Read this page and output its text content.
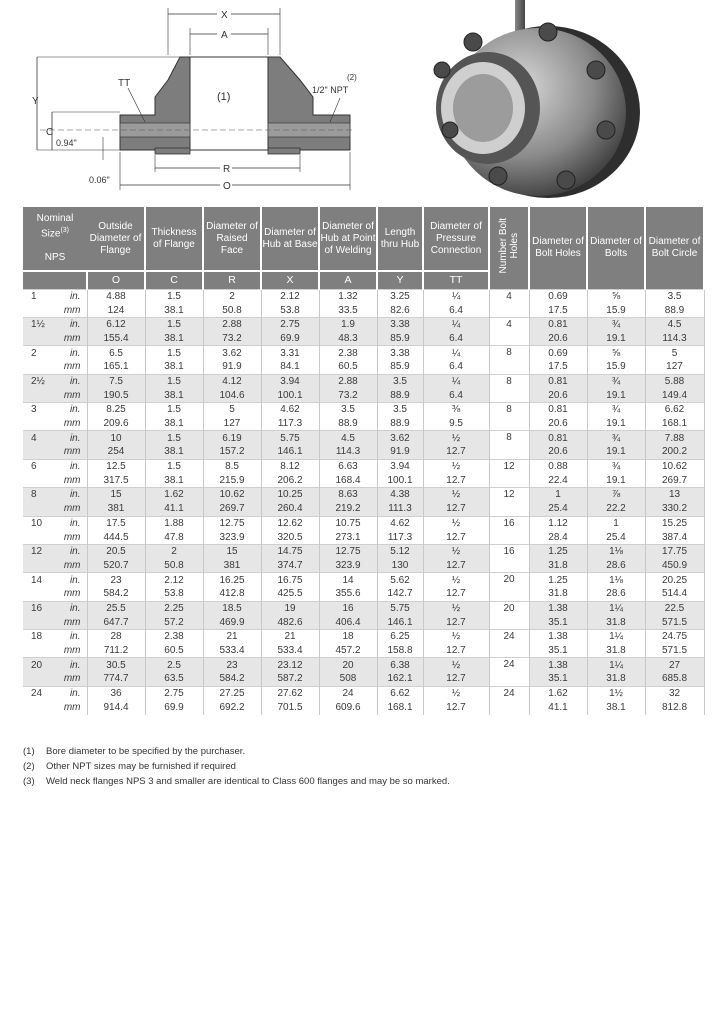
X
A
Y
C
TT
(1)
1/2" NPT
(2)
0.94"
0.06"
R
O
Nominal Size$^{(3)}$

NPS		Outside Diameter of Flange	Thickness of Flange	Diameter of Raised Face	Diameter of Hub at Base	Diameter of Hub at Point of Welding	Length thru Hub	Diameter of Pressure Connection	Number Bolt Holes	Diameter of Bolt Holes	Diameter of Bolts	Diameter of Bolt Circle
		O	C	R	X	A	Y	TT				
1	in.	4.88	1.5	2	2.12	1.32	3.25	¼	4	0.69	⅝	3.5
	mm	124	38.1	50.8	53.8	33.5	82.6	6.4		17.5	15.9	88.9
1½	in.	6.12	1.5	2.88	2.75	1.9	3.38	¼	4	0.81	¾	4.5
	mm	155.4	38.1	73.2	69.9	48.3	85.9	6.4		20.6	19.1	114.3
2	in.	6.5	1.5	3.62	3.31	2.38	3.38	¼	8	0.69	⅝	5
	mm	165.1	38.1	91.9	84.1	60.5	85.9	6.4		17.5	15.9	127
2½	in.	7.5	1.5	4.12	3.94	2.88	3.5	¼	8	0.81	¾	5.88
	mm	190.5	38.1	104.6	100.1	73.2	88.9	6.4		20.6	19.1	149.4
3	in.	8.25	1.5	5	4.62	3.5	3.5	⅜	8	0.81	¾	6.62
	mm	209.6	38.1	127	117.3	88.9	88.9	9.5		20.6	19.1	168.1
4	in.	10	1.5	6.19	5.75	4.5	3.62	½	8	0.81	¾	7.88
	mm	254	38.1	157.2	146.1	114.3	91.9	12.7		20.6	19.1	200.2
6	in.	12.5	1.5	8.5	8.12	6.63	3.94	½	12	0.88	¾	10.62
	mm	317.5	38.1	215.9	206.2	168.4	100.1	12.7		22.4	19.1	269.7
8	in.	15	1.62	10.62	10.25	8.63	4.38	½	12	1	⅞	13
	mm	381	41.1	269.7	260.4	219.2	111.3	12.7		25.4	22.2	330.2
10	in.	17.5	1.88	12.75	12.62	10.75	4.62	½	16	1.12	1	15.25
	mm	444.5	47.8	323.9	320.5	273.1	117.3	12.7		28.4	25.4	387.4
12	in.	20.5	2	15	14.75	12.75	5.12	½	16	1.25	1⅛	17.75
	mm	520.7	50.8	381	374.7	323.9	130	12.7		31.8	28.6	450.9
14	in.	23	2.12	16.25	16.75	14	5.62	½	20	1.25	1⅛	20.25
	mm	584.2	53.8	412.8	425.5	355.6	142.7	12.7		31.8	28.6	514.4
16	in.	25.5	2.25	18.5	19	16	5.75	½	20	1.38	1¼	22.5
	mm	647.7	57.2	469.9	482.6	406.4	146.1	12.7		35.1	31.8	571.5
18	in.	28	2.38	21	21	18	6.25	½	24	1.38	1¼	24.75
	mm	711.2	60.5	533.4	533.4	457.2	158.8	12.7		35.1	31.8	571.5
20	in.	30.5	2.5	23	23.12	20	6.38	½	24	1.38	1¼	27
	mm	774.7	63.5	584.2	587.2	508	162.1	12.7		35.1	31.8	685.8
24	in.	36	2.75	27.25	27.62	24	6.62	½	24	1.62	1½	32
	mm	914.4	69.9	692.2	701.5	609.6	168.1	12.7		41.1	38.1	812.8
(1) Bore diameter to be specified by the purchaser.
(2) Other NPT sizes may be furnished if required
(3) Weld neck flanges NPS 3 and smaller are identical to Class 600 flanges and may be so marked.
